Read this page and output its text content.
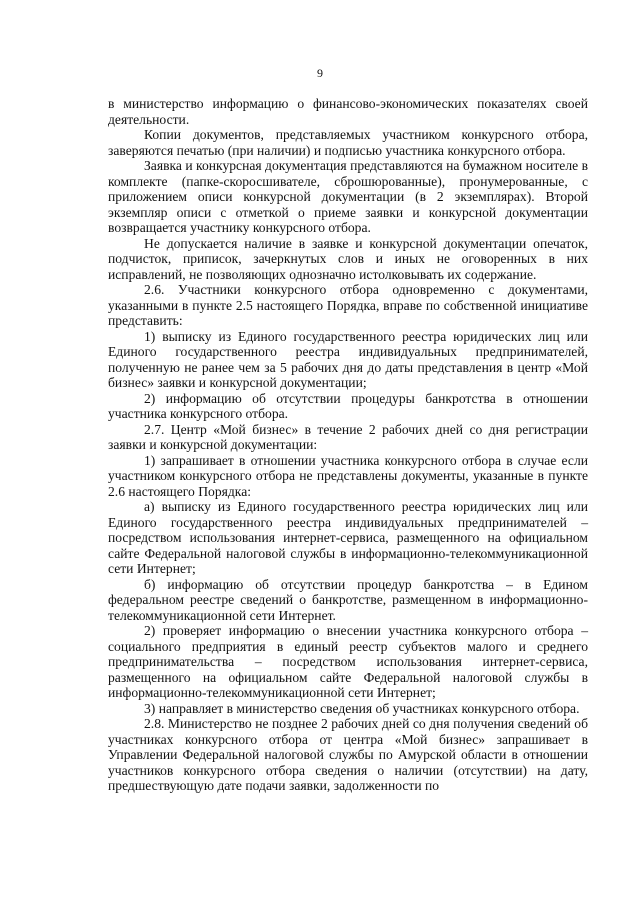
9

в министерство информацию о финансово-экономических показателях своей деятельности.

Копии документов, представляемых участником конкурсного отбора, заверяются печатью (при наличии) и подписью участника конкурсного отбора.

Заявка и конкурсная документация представляются на бумажном носителе в комплекте (папке-скоросшивателе, сброшюрованные), пронумерованные, с приложением описи конкурсной документации (в 2 экземплярах). Второй экземпляр описи с отметкой о приеме заявки и конкурсной документации возвращается участнику конкурсного отбора.

Не допускается наличие в заявке и конкурсной документации опечаток, подчисток, приписок, зачеркнутых слов и иных не оговоренных в них исправлений, не позволяющих однозначно истолковывать их содержание.

2.6. Участники конкурсного отбора одновременно с документами, указанными в пункте 2.5 настоящего Порядка, вправе по собственной инициативе представить:

1) выписку из Единого государственного реестра юридических лиц или Единого государственного реестра индивидуальных предпринимателей, полученную не ранее чем за 5 рабочих дня до даты представления в центр «Мой бизнес» заявки и конкурсной документации;

2) информацию об отсутствии процедуры банкротства в отношении участника конкурсного отбора.

2.7. Центр «Мой бизнес» в течение 2 рабочих дней со дня регистрации заявки и конкурсной документации:

1) запрашивает в отношении участника конкурсного отбора в случае если участником конкурсного отбора не представлены документы, указанные в пункте 2.6 настоящего Порядка:

а) выписку из Единого государственного реестра юридических лиц или Единого государственного реестра индивидуальных предпринимателей – посредством использования интернет-сервиса, размещенного на официальном сайте Федеральной налоговой службы в информационно-телекоммуникационной сети Интернет;

б) информацию об отсутствии процедур банкротства – в Едином федеральном реестре сведений о банкротстве, размещенном в информационно-телекоммуникационной сети Интернет.

2) проверяет информацию о внесении участника конкурсного отбора – социального предприятия в единый реестр субъектов малого и среднего предпринимательства – посредством использования интернет-сервиса, размещенного на официальном сайте Федеральной налоговой службы в информационно-телекоммуникационной сети Интернет;

3) направляет в министерство сведения об участниках конкурсного отбора.

2.8. Министерство не позднее 2 рабочих дней со дня получения сведений об участниках конкурсного отбора от центра «Мой бизнес» запрашивает в Управлении Федеральной налоговой службы по Амурской области в отношении участников конкурсного отбора сведения о наличии (отсутствии) на дату, предшествующую дате подачи заявки, задолженности по
